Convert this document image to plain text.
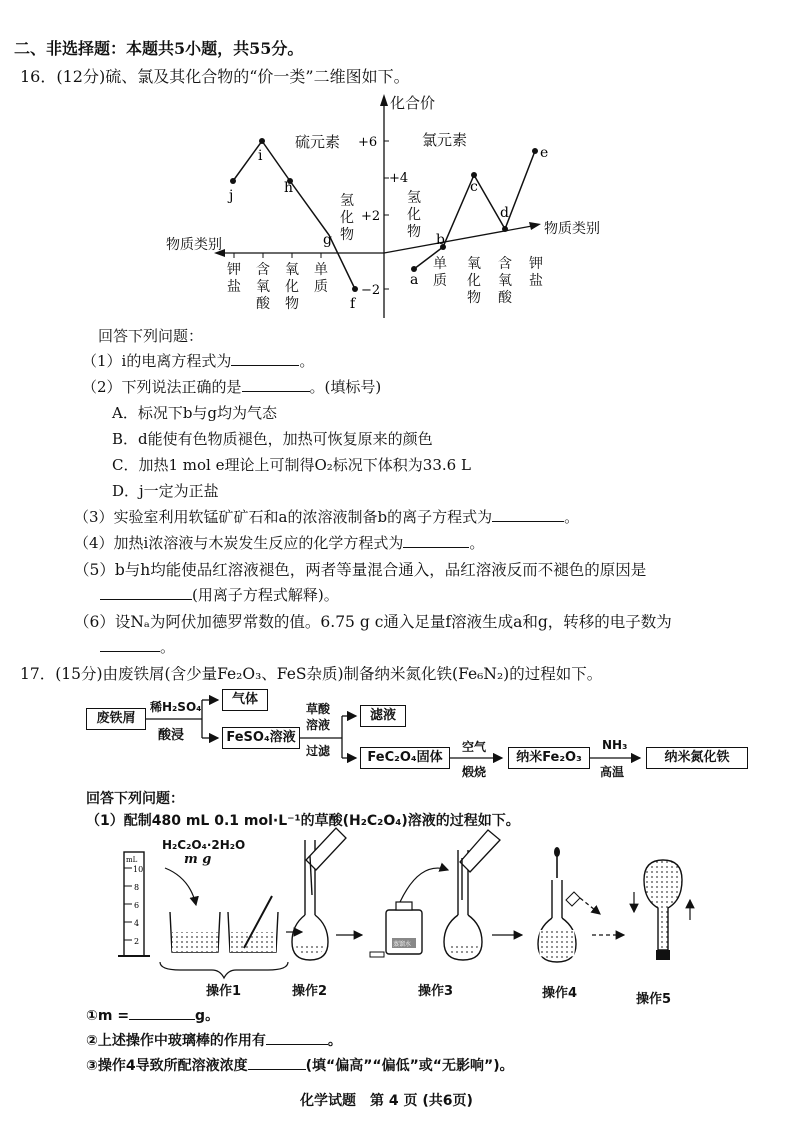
二、非选择题：本题共5小题，共55分。
16．(12分)硫、氯及其化合物的“价一类”二维图如下。
j
i
h
g
f
a
b
c
d
e
+6
+4
+2
−2
化合价
硫元素	氯元素
物质类别
物质类别
氢化物
氢化物
钾盐
含氧酸
氧化物
单质
单质
氧化物
含氧酸
钾盐
回答下列问题：
（1）i的电离方程式为	。
（2）下列说法正确的是	。(填标号)
A．标况下b与g均为气态
B．d能使有色物质褪色，加热可恢复原来的颜色
C．加热1 mol e理论上可制得O₂标况下体积为33.6 L
D．j一定为正盐
（3）实验室利用软锰矿矿石和a的浓溶液制备b的离子方程式为	。
（4）加热i浓溶液与木炭发生反应的化学方程式为	。
（5）b与h均能使品红溶液褪色，两者等量混合通入，品红溶液反而不褪色的原因是
(用离子方程式解释)。
（6）设Nₐ为阿伏加德罗常数的值。6.75 g c通入足量f溶液生成a和g，转移的电子数为
。
17．(15分)由废铁屑(含少量Fe₂O₃、FeS杂质)制备纳米氮化铁(Fe₆N₂)的过程如下。
废铁屑
稀H₂SO₄
酸浸
气体
FeSO₄溶液
草酸
溶液
过滤
滤液
FeC₂O₄固体
空气
煅烧
纳米Fe₂O₃
NH₃
高温
纳米氮化铁
回答下列问题：
（1）配制480 mL 0.1 mol·L⁻¹的草酸(H₂C₂O₄)溶液的过程如下。
10
8
6
4
2
mL
蒸馏水
H₂C₂O₄·2H₂O
m g
操作1	操作2	操作3	操作4	操作5
①m =	g。
②上述操作中玻璃棒的作用有	。
③操作4导致所配溶液浓度	(填“偏高”“偏低”或“无影响”)。
化学试题　第 4 页 (共6页)
